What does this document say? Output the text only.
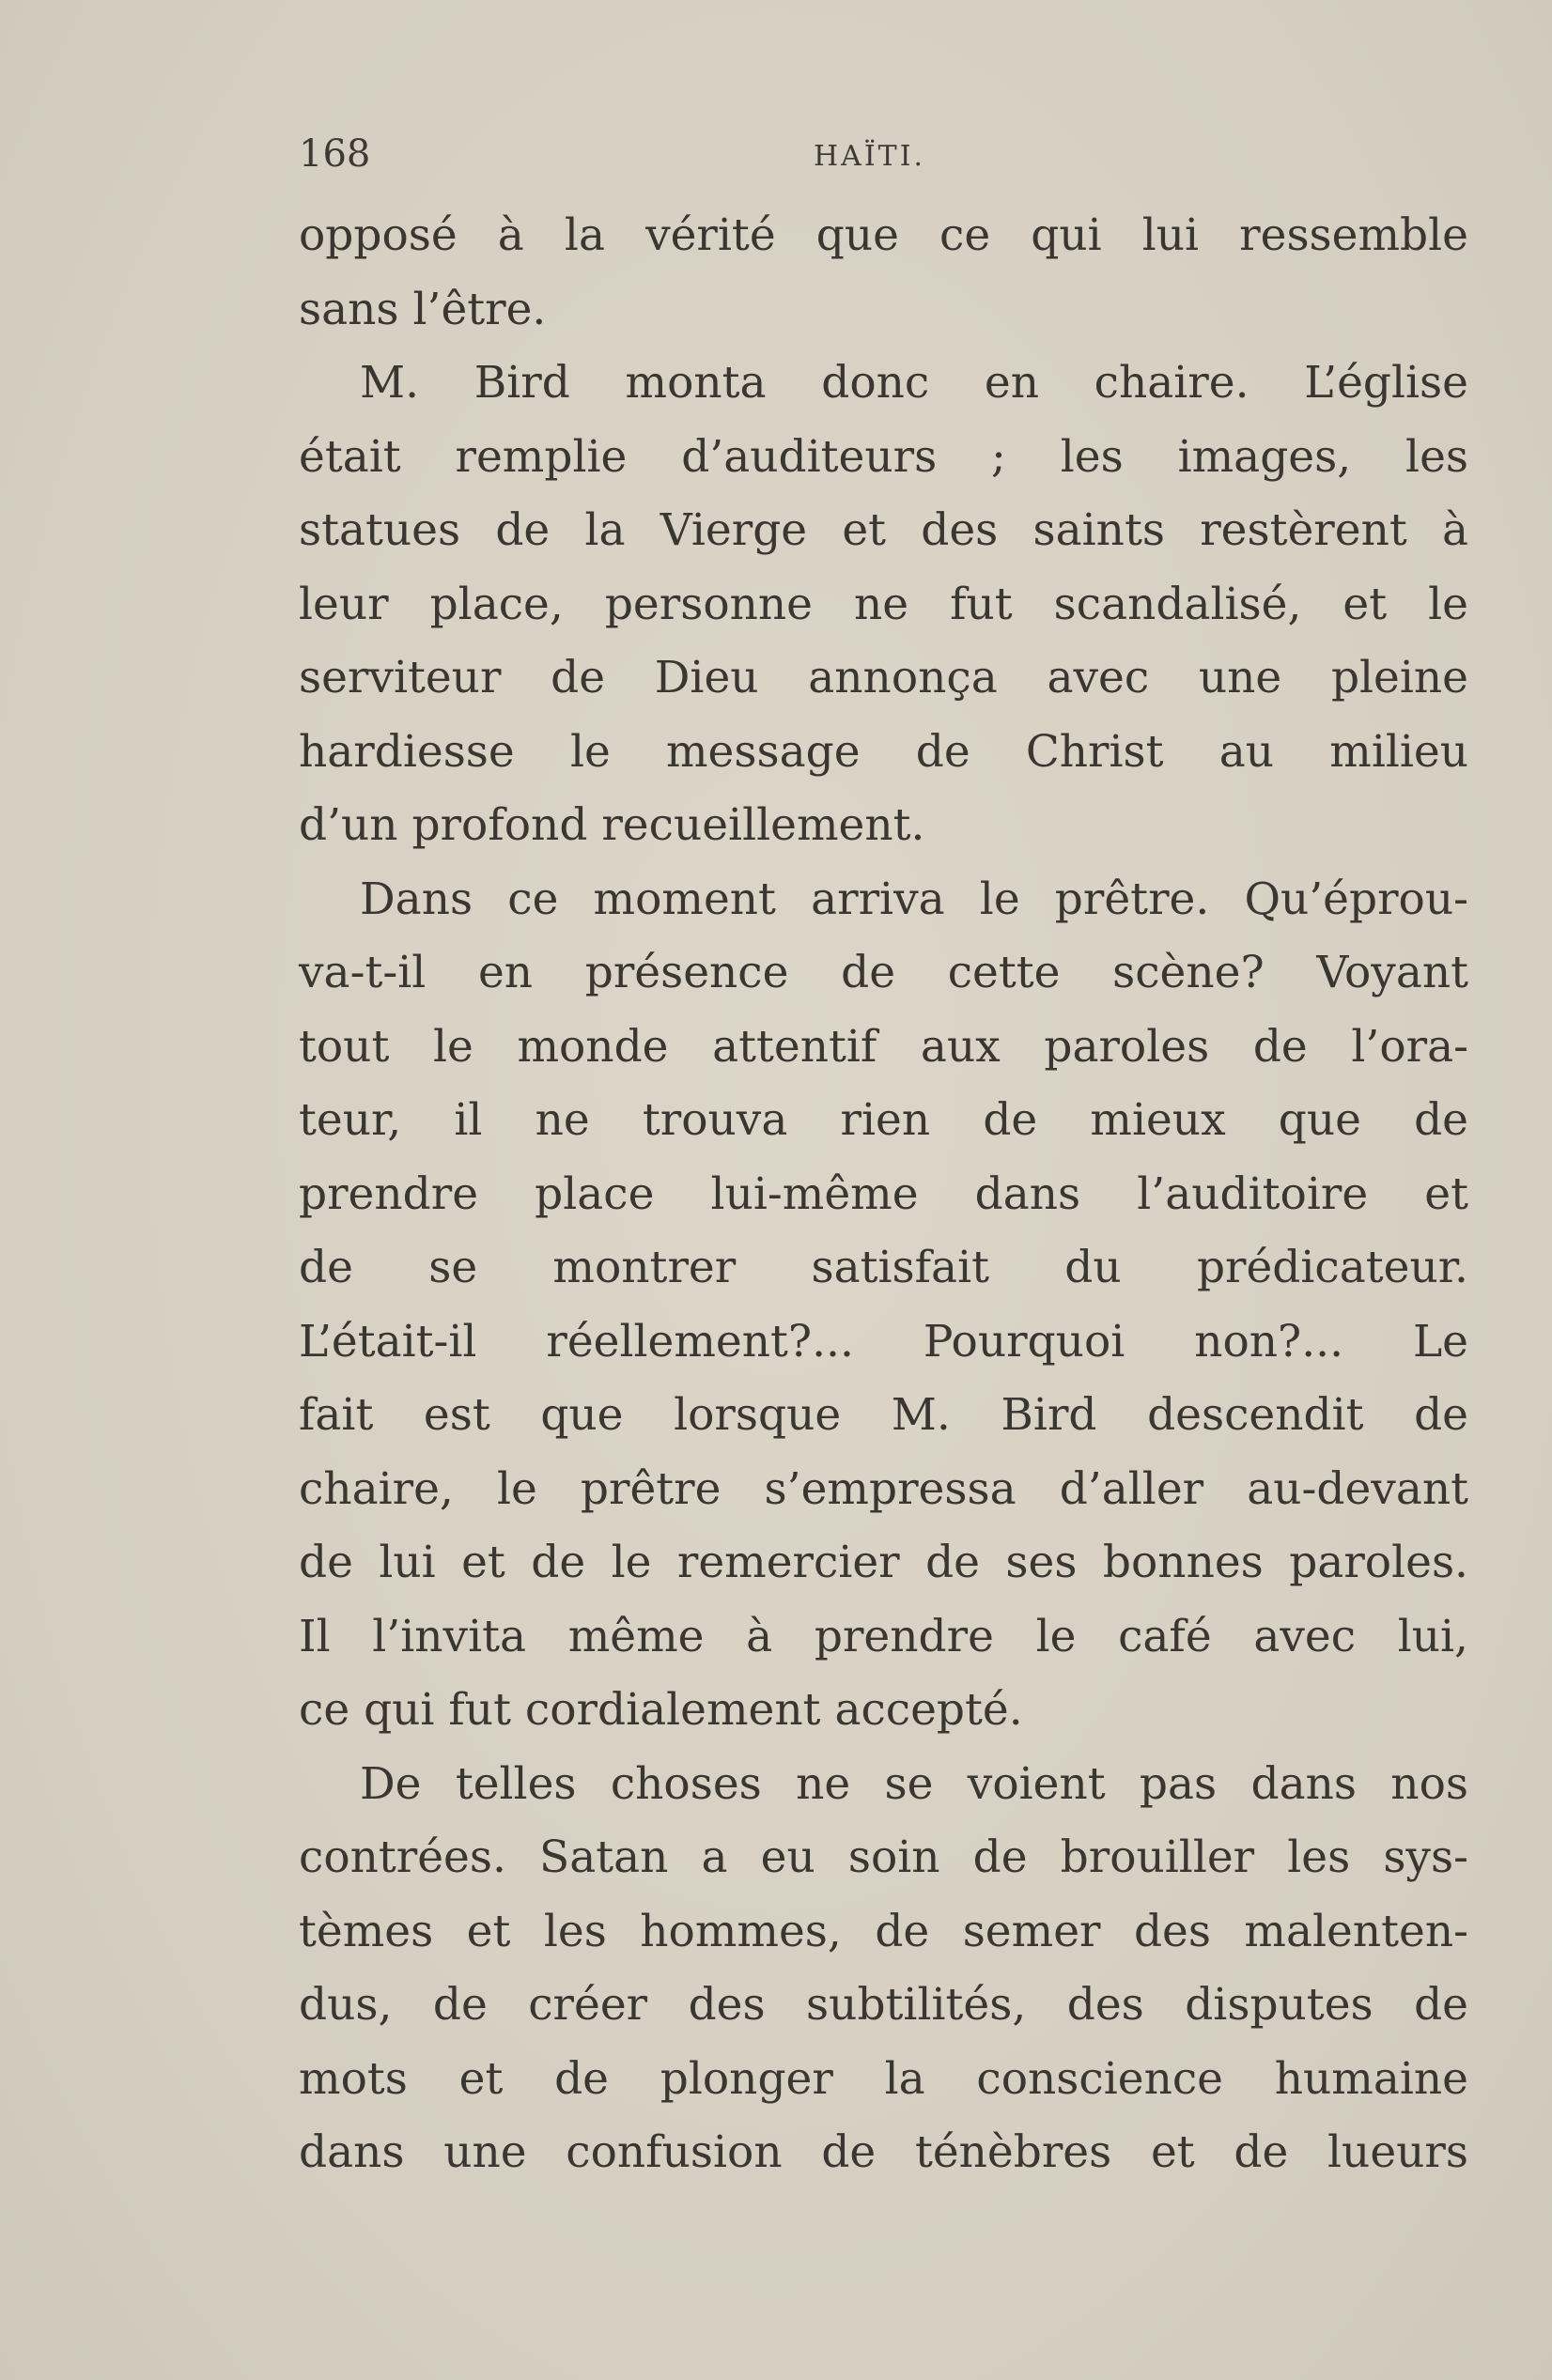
168	HAÏTI.
opposé à la vérité que ce qui lui ressemble
sans l’être.
M. Bird monta donc en chaire. L’église
était remplie d’auditeurs ; les images, les
statues de la Vierge et des saints restèrent à
leur place, personne ne fut scandalisé, et le
serviteur de Dieu annonça avec une pleine
hardiesse le message de Christ au milieu
d’un profond recueillement.
Dans ce moment arriva le prêtre. Qu’éprou-
va-t-il en présence de cette scène? Voyant
tout le monde attentif aux paroles de l’ora-
teur, il ne trouva rien de mieux que de
prendre place lui-même dans l’auditoire et
de se montrer satisfait du prédicateur.
L’était-il réellement?... Pourquoi non?... Le
fait est que lorsque M. Bird descendit de
chaire, le prêtre s’empressa d’aller au-devant
de lui et de le remercier de ses bonnes paroles.
Il l’invita même à prendre le café avec lui,
ce qui fut cordialement accepté.
De telles choses ne se voient pas dans nos
contrées. Satan a eu soin de brouiller les sys-
tèmes et les hommes, de semer des malenten-
dus, de créer des subtilités, des disputes de
mots et de plonger la conscience humaine
dans une confusion de ténèbres et de lueurs
